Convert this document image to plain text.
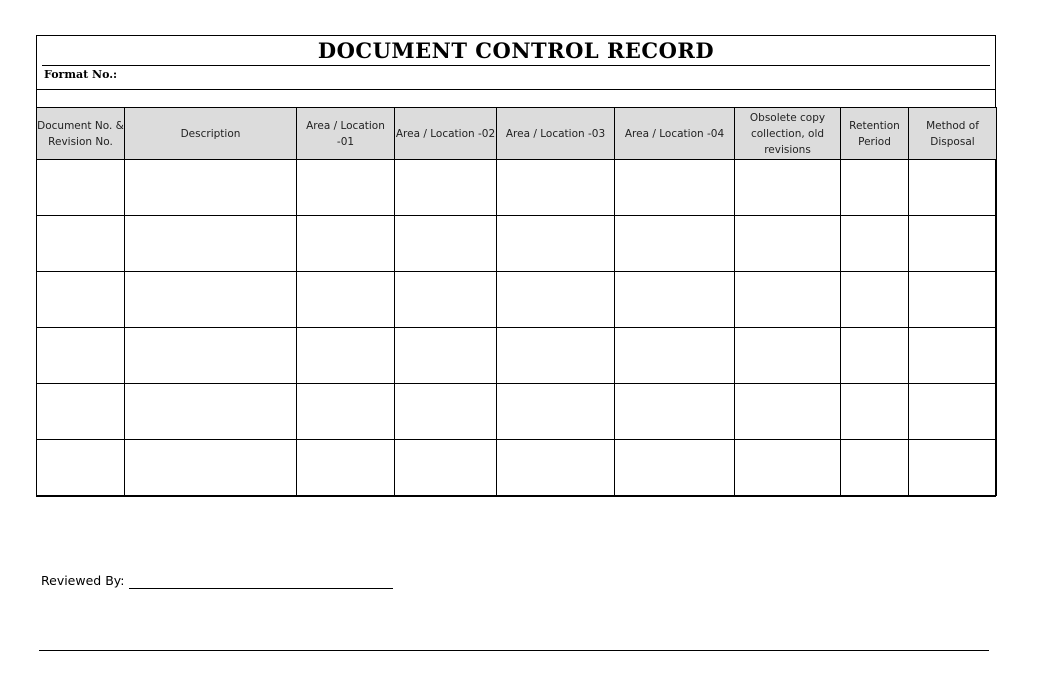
DOCUMENT CONTROL RECORD
Format No.:
Document No. & Revision No.	Description	Area / Location -01	Area / Location -02	Area / Location -03	Area / Location -04	Obsolete copy collection, old revisions	Retention Period	Method of Disposal

Reviewed By:
